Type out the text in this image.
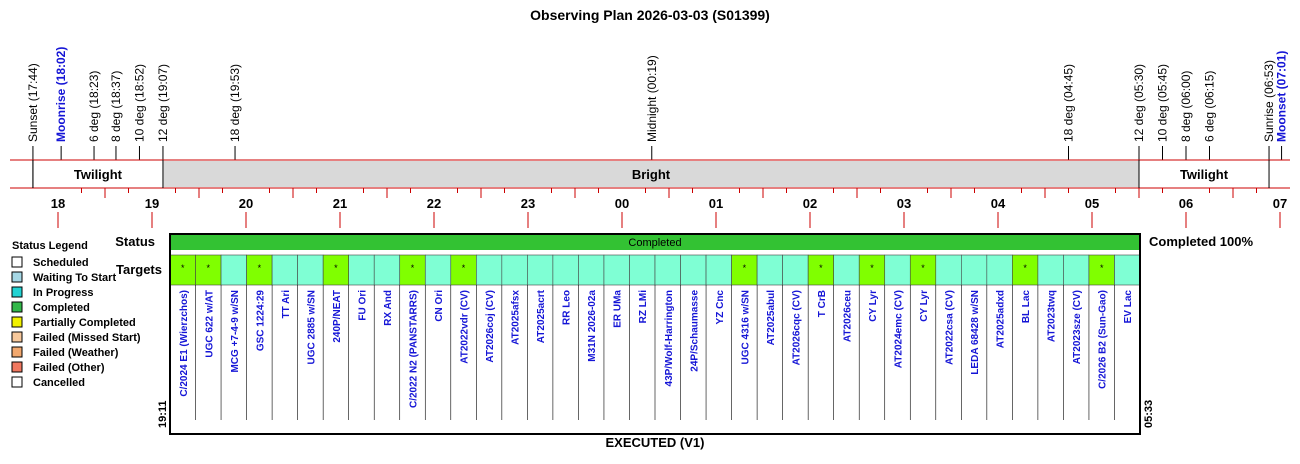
Observing Plan 2026-03-03 (S01399)
Sunset (17:44) Moonrise (18:02) 6 deg (18:23) 8 deg (18:37) 10 deg (18:52) 12 deg (19:07)	18 deg (19:53)	Midnight (00:19)	18 deg (04:45)	12 deg (05:30) 10 deg (05:45) 8 deg (06:00) 6 deg (06:15)	Sunrise (06:53)
Moonset (07:01)
Twilight	Bright	Twilight
18	19	20	21	22	23	00	01	02	03	04	05	06	07
Status Legend
Scheduled
Waiting To Start
In Progress
Completed
Partially Completed
Failed (Missed Start)
Failed (Weather)
Failed (Other)
Cancelled
Status	Completed	Completed 100%
Targets *
C/2024 E1 (Wierzchos)
*
UGC 622 w/AT MCG +7-4-9 w/SN
*
GSC 1224:29 TT Ari UGC 2885 w/SN
*
240P/NEAT FU Ori RX And
*
C/2022 N2 (PANSTARRS) CN Ori
*
AT2022vdr (CV) AT2026coj (CV) AT2025afsx AT2025acrt RR Leo M31N 2026-02a ER UMa RZ LMi 43P/Wolf-Harrington 24P/Schaumasse YZ Cnc
*
UGC 4316 w/SN AT2025abul AT2026cqc (CV)
*
T CrB AT2026ceu
*
CY Lyr AT2024emc (CV)
*
CY Lyr AT2022csa (CV) LEDA 68428 w/SN AT2025adxd
*
BL Lac AT2023twq AT2023sze (CV)
*
C/2026 B2 (Sun-Gao) EV Lac
19:11	05:33
EXECUTED (V1)
